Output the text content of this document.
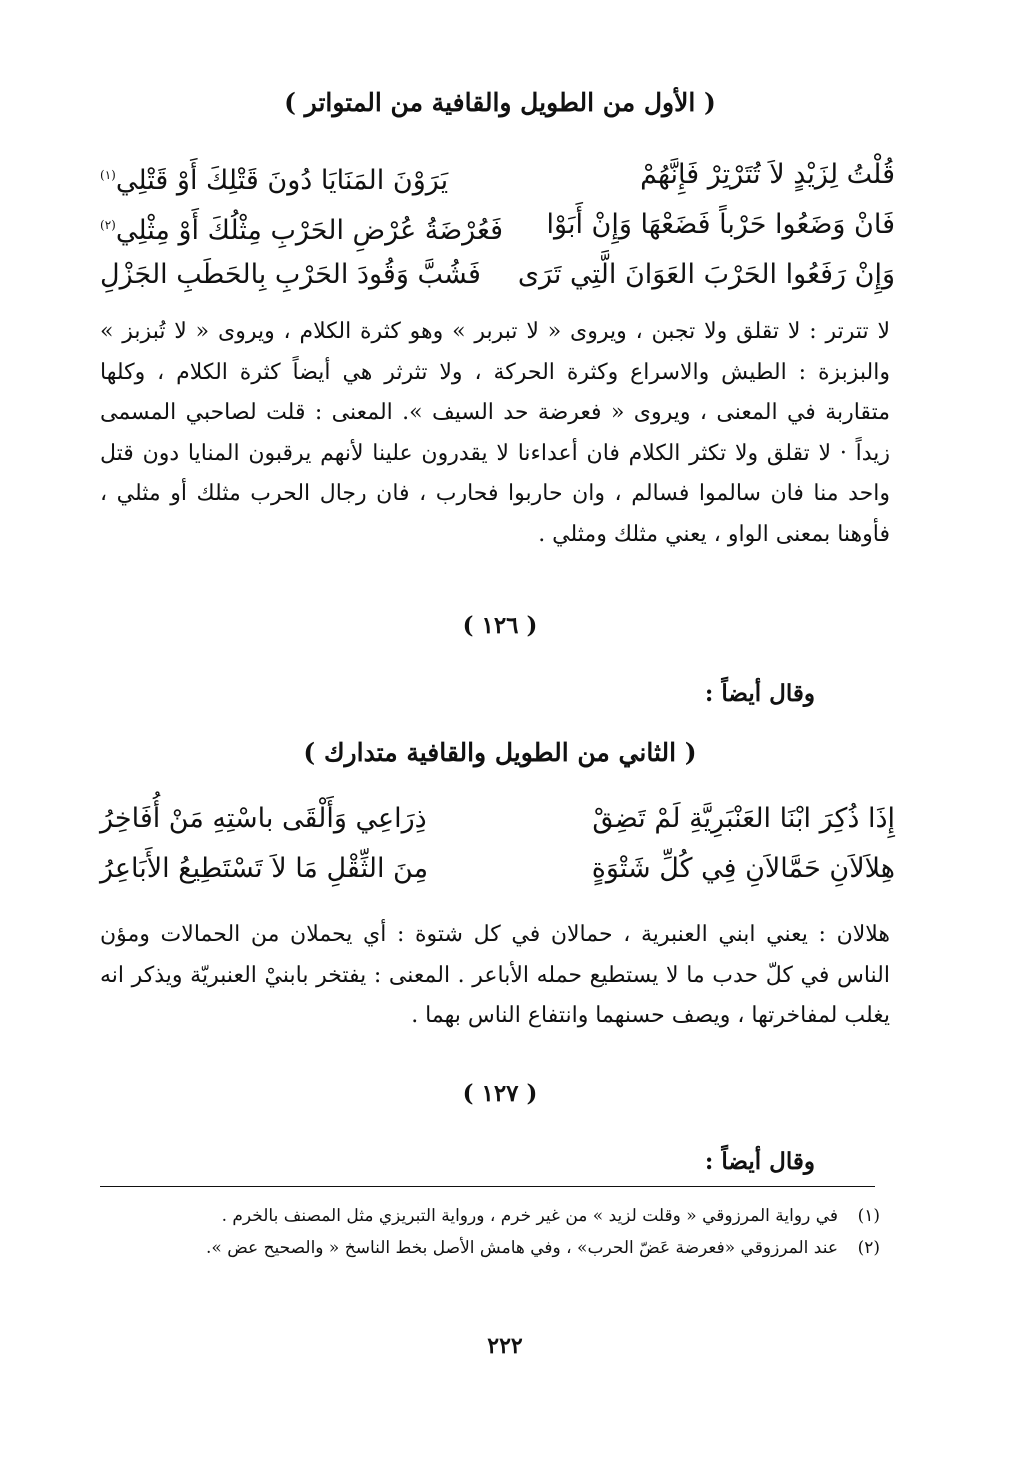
( الأول من الطويل والقافية من المتواتر )
قُلْتُ لِزَيْدٍ لاَ تُتَرْتِرْ فَإِنَّهُمْ
يَرَوْنَ المَنَايَا دُونَ قَتْلِكَ أَوْ قَتْلِي$^{(١)}$
فَانْ وَضَعُوا حَرْباً فَضَعْهَا وَإِنْ أَبَوْا
فَعُرْضَةُ عُرْضِ الحَرْبِ مِثْلُكَ أَوْ مِثْلِي$^{(٢)}$
وَإِنْ رَفَعُوا الحَرْبَ العَوَانَ الَّتِي تَرَى
فَشُبَّ وَقُودَ الحَرْبِ بِالحَطَبِ الجَزْلِ

لا تترتر : لا تقلق ولا تجبن ، ويروى « لا تبربر » وهو كثرة الكلام ، ويروى « لا تُبزبز » والبزبزة : الطيش والاسراع وكثرة الحركة ، ولا تثرثر هي أيضاً كثرة الكلام ، وكلها متقاربة في المعنى ، ويروى « فعرضة حد السيف ». المعنى : قلت لصاحبي المسمى زيداً · لا تقلق ولا تكثر الكلام فان أعداءنا لا يقدرون علينا لأنهم يرقبون المنايا دون قتل واحد منا فان سالموا فسالم ، وان حاربوا فحارب ، فان رجال الحرب مثلك أو مثلي ، فأوهنا بمعنى الواو ، يعني مثلك ومثلي .

( ١٢٦ )
وقال أيضاً :
( الثاني من الطويل والقافية متدارك )
إِذَا ذُكِرَ ابْنَا العَنْبَرِيَّةِ لَمْ تَضِقْ
ذِرَاعِي وَأَلْقَى باسْتِهِ مَنْ أُفَاخِرُ
هِلاَلاَنِ حَمَّالاَنِ فِي كُلِّ شَتْوَةٍ
مِنَ الثِّقْلِ مَا لاَ تَسْتَطِيعُ الأَبَاعِرُ

هلالان : يعني ابني العنبرية ، حمالان في كل شتوة : أي يحملان من الحمالات ومؤن الناس في كلّ حدب ما لا يستطيع حمله الأباعر . المعنى : يفتخر بابنيْ العنبريّة ويذكر انه يغلب لمفاخرتها ، ويصف حسنهما وانتفاع الناس بهما .

( ١٢٧ )
وقال أيضاً :
(١)
في رواية المرزوقي « وقلت لزيد » من غير خرم ، ورواية التبريزي مثل المصنف بالخرم .
(٢)
عند المرزوقي «فعرضة عَضّ الحرب» ، وفي هامش الأصل بخط الناسخ « والصحيح عض ».
٢٢٢
